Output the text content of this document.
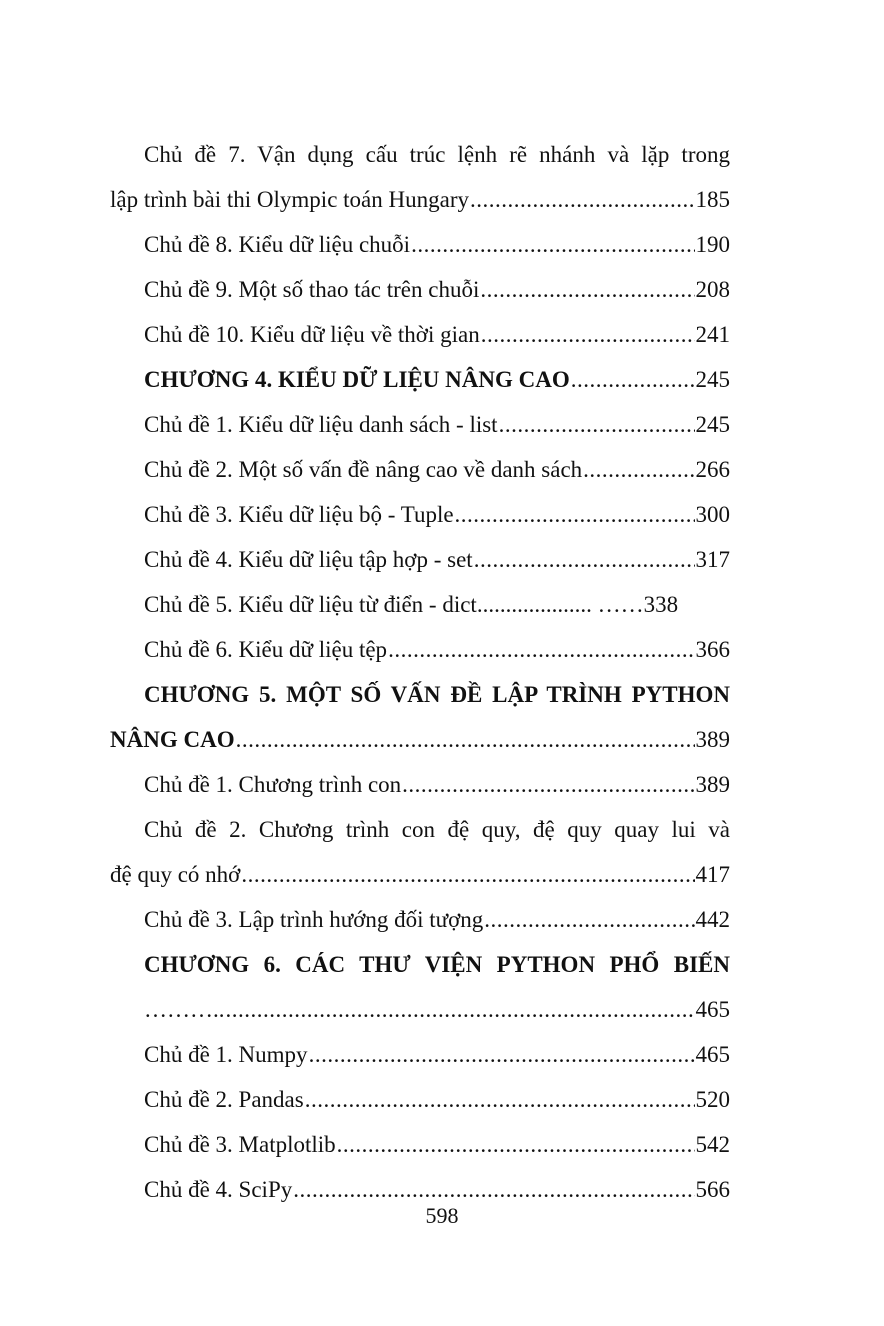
Chủ đề 7. Vận dụng cấu trúc lệnh rẽ nhánh và lặp trong
lập trình bài thi Olympic toán Hungary .....	185
Chủ đề 8. Kiểu dữ liệu chuỗi .....	190
Chủ đề 9. Một số thao tác trên chuỗi .....	208
Chủ đề 10. Kiểu dữ liệu về thời gian .....	241
CHƯƠNG 4. KIỂU DỮ LIỆU NÂNG CAO .....	245
Chủ đề 1. Kiểu dữ liệu danh sách - list .....	245
Chủ đề 2. Một số vấn đề nâng cao về danh sách .....	266
Chủ đề 3. Kiểu dữ liệu bộ - Tuple .....	300
Chủ đề 4. Kiểu dữ liệu tập hợp - set .....	317
Chủ đề 5. Kiểu dữ liệu từ điển - dict.................... …… 338
Chủ đề 6. Kiểu dữ liệu tệp .....	366
CHƯƠNG 5. MỘT SỐ VẤN ĐỀ LẬP TRÌNH PYTHON
NÂNG CAO .....	389
Chủ đề 1. Chương trình con .....	389
Chủ đề 2. Chương trình con đệ quy, đệ quy quay lui và
đệ quy có nhớ .....	417
Chủ đề 3. Lập trình hướng đối tượng .....	442
CHƯƠNG 6. CÁC THƯ VIỆN PYTHON PHỔ BIẾN
……….. .....	465
Chủ đề 1. Numpy .....	465
Chủ đề 2. Pandas .....	520
Chủ đề 3. Matplotlib .....	542
Chủ đề 4. SciPy .....	566
598
